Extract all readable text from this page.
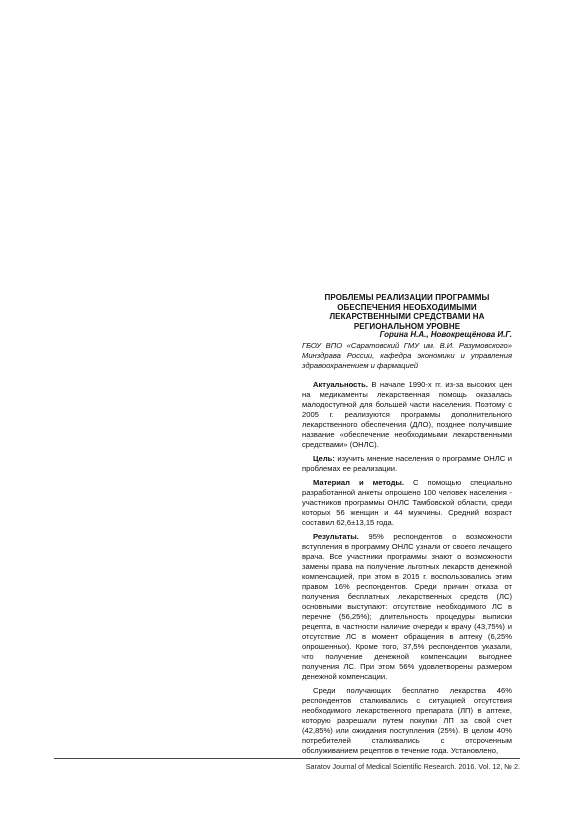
ПРОБЛЕМЫ РЕАЛИЗАЦИИ ПРОГРАММЫ ОБЕСПЕЧЕНИЯ НЕОБХОДИМЫМИ ЛЕКАРСТВЕННЫМИ СРЕДСТВАМИ НА РЕГИОНАЛЬНОМ УРОВНЕ
Горина Н.А., Новокрещёнова И.Г.
ГБОУ ВПО «Саратовский ГМУ им. В.И. Разумовского» Минздрава России, кафедра экономики и управления здравоохранением и фармацией

Актуальность. В начале 1990-х гг. из-за высоких цен на медикаменты лекарственная помощь оказалась малодоступной для большей части населения. Поэтому с 2005 г. реализуются программы дополнительного лекарственного обеспечения (ДЛО), позднее получившие название «обеспечение необходимыми лекарственными средствами» (ОНЛС).

Цель: изучить мнение населения о программе ОНЛС и проблемах ее реализации.

Материал и методы. С помощью специально разработанной анкеты опрошено 100 человек населения - участников программы ОНЛС Тамбовской области, среди которых 56 женщин и 44 мужчины. Средний возраст составил 62,6±13,15 года.

Результаты. 95% респондентов о возможности вступления в программу ОНЛС узнали от своего лечащего врача. Все участники программы знают о возможности замены права на получение льготных лекарств денежной компенсацией, при этом в 2015 г. воспользовались этим правом 16% респондентов. Среди причин отказа от получения бесплатных лекарственных средств (ЛС) основными выступают: отсутствие необходимого ЛС в перечне (56,25%); длительность процедуры выписки рецепта, в частности наличие очереди к врачу (43,75%) и отсутствие ЛС в момент обращения в аптеку (6,25% опрошенных). Кроме того, 37,5% респондентов указали, что получение денежной компенсации выгоднее получения ЛС. При этом 56% удовлетворены размером денежной компенсации.

Среди получающих бесплатно лекарства 46% респондентов сталкивались с ситуацией отсутствия необходимого лекарственного препарата (ЛП) в аптеке, которую разрешали путем покупки ЛП за свой счет (42,85%) или ожидания поступления (25%). В целом 40% потребителей сталкивались с отсроченным обслуживанием рецептов в течение года. Установлено,

Saratov Journal of Medical Scientific Research. 2016. Vol. 12, № 2.
